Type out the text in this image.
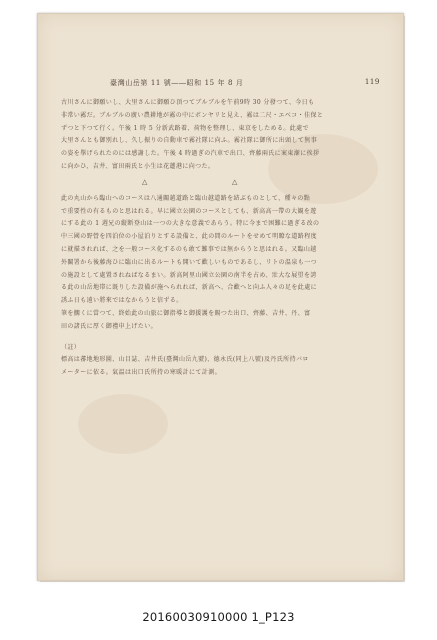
臺灣山岳第 11 號――昭和 15 年 8 月	119
△	△

古川さんに御願いし、大里さんに御願ひ頂つてブルブルを午前9時 30 分發つて、今日も

非常い霧だ。ブルブルの廣い農耕地が霧の中にボンヤリと見え、霧は二尺・エベコ・佳保と

ずつと下つて行く。午後 1 時 5 分新武路着、荷物を整理し、東京をしためる。此處で

大里さんとも御別れし、久し振りの自動車で霧社隊に向ふ。霧社隊に御所に出頭して無事

の姿を擧げられたのには感謝した。午後 4 時過ぎの汽車で出口、齊藤兩氏に案東漸に挨拶

に向かひ、吉井、富田兩氏と小生は花蓮港に向つた。

此の丸山から臨山へのコースは八通關越道路と臨山越道路を結ぶものとして、種々の點

で重要性の有るものと思はれる。早に國立公園のコースとしても、新高高一帶の大観を遊

にする此の 1 週兄の縦断登山は一つの大きな意義であらう。特に今まで困難に過ぎる改の

中三國の野營を四泊位の小屋泊りとする設備と、此の間のルートをせめて明瞭な道路程度

に就描されれば、之を一般コース化するのも敢て難事では無からうと思はれる。又臨山越

外關署から後藤海ひに臨山に出るルートも開いて歡しいものであるし、リトの温泉も一つ

の施設として處置されねばなるまい。新高阿里山國立公園の南半を占め、壯大な展望を誇

る此の山岳地帯に既りした設備が施へられれば、新高へ、合歡へと向ふ人々の足を此處に

誘ふ日も遠い將來ではなからうと信ずる。

筆を擱くに當つて、終始此の山旅に御指導と御援護を賜つた出口、齊藤、吉井、丹、富

田の諸氏に厚く御禮申上げたい。

（註）

標高は蕃地地形圖、山目誌、吉井氏(臺灣山岳九號)、德永氏(同上八號)及丹氏所持バロ

メーターに依る。氣温は出口氏所持の寒暖計にて計測。

20160030910000 1_P123
